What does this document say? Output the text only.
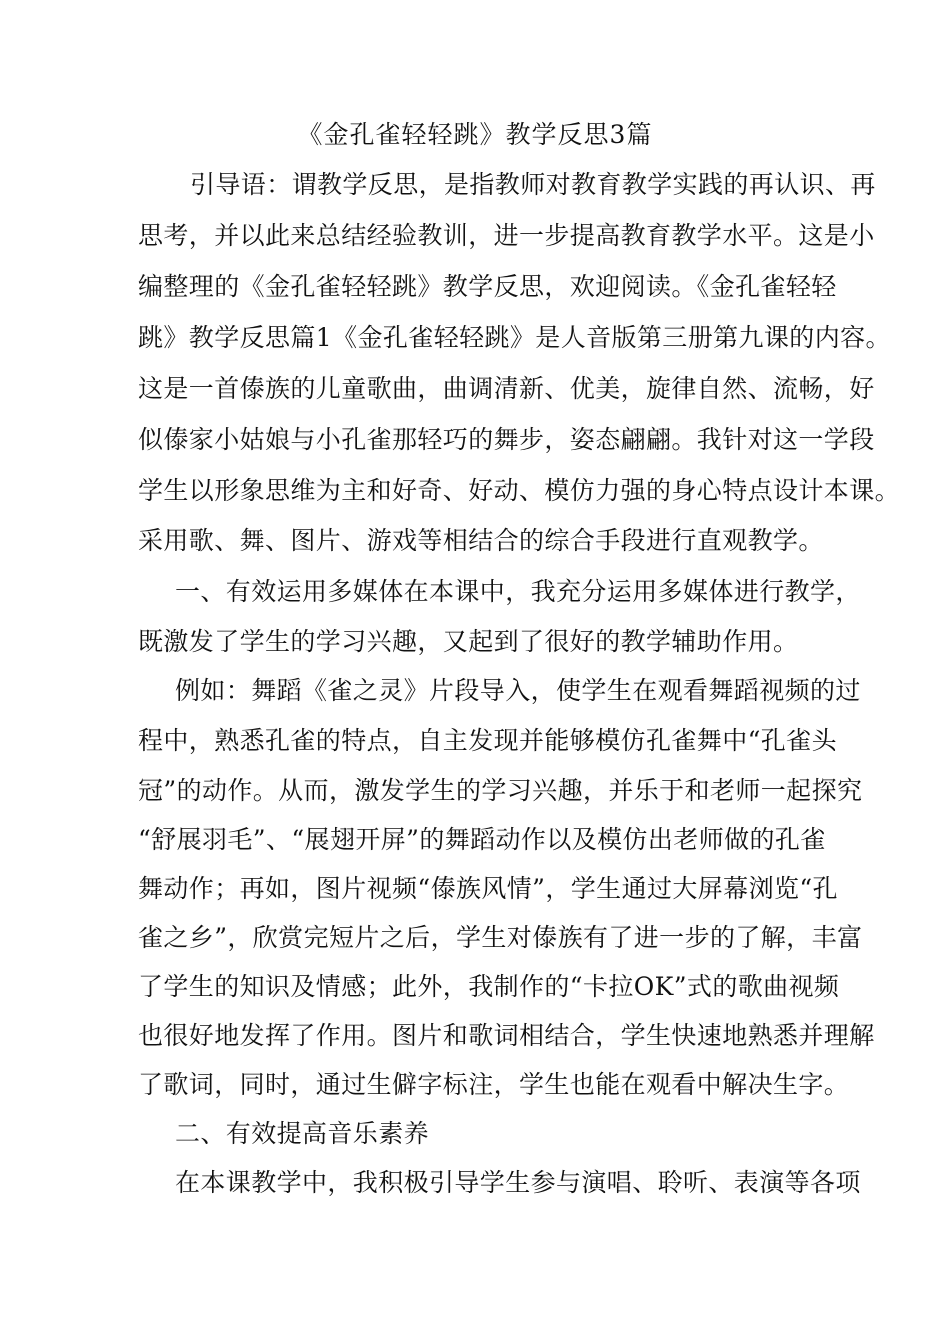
《金孔雀轻轻跳》教学反思3篇
引导语：谓教学反思，是指教师对教育教学实践的再认识、再
思考，并以此来总结经验教训，进一步提高教育教学水平。这是小
编整理的《金孔雀轻轻跳》教学反思，欢迎阅读。《金孔雀轻轻
跳》教学反思篇1《金孔雀轻轻跳》是人音版第三册第九课的内容。
这是一首傣族的儿童歌曲，曲调清新、优美，旋律自然、流畅，好
似傣家小姑娘与小孔雀那轻巧的舞步，姿态翩翩。我针对这一学段
学生以形象思维为主和好奇、好动、模仿力强的身心特点设计本课。
采用歌、舞、图片、游戏等相结合的综合手段进行直观教学。
一、有效运用多媒体在本课中，我充分运用多媒体进行教学，
既激发了学生的学习兴趣，又起到了很好的教学辅助作用。
例如：舞蹈《雀之灵》片段导入，使学生在观看舞蹈视频的过
程中，熟悉孔雀的特点，自主发现并能够模仿孔雀舞中“孔雀头
冠”的动作。从而，激发学生的学习兴趣，并乐于和老师一起探究
“舒展羽毛”、“展翅开屏”的舞蹈动作以及模仿出老师做的孔雀
舞动作；再如，图片视频“傣族风情”，学生通过大屏幕浏览“孔
雀之乡”，欣赏完短片之后，学生对傣族有了进一步的了解，丰富
了学生的知识及情感；此外，我制作的“卡拉OK”式的歌曲视频
也很好地发挥了作用。图片和歌词相结合，学生快速地熟悉并理解
了歌词，同时，通过生僻字标注，学生也能在观看中解决生字。
二、有效提高音乐素养
在本课教学中，我积极引导学生参与演唱、聆听、表演等各项
